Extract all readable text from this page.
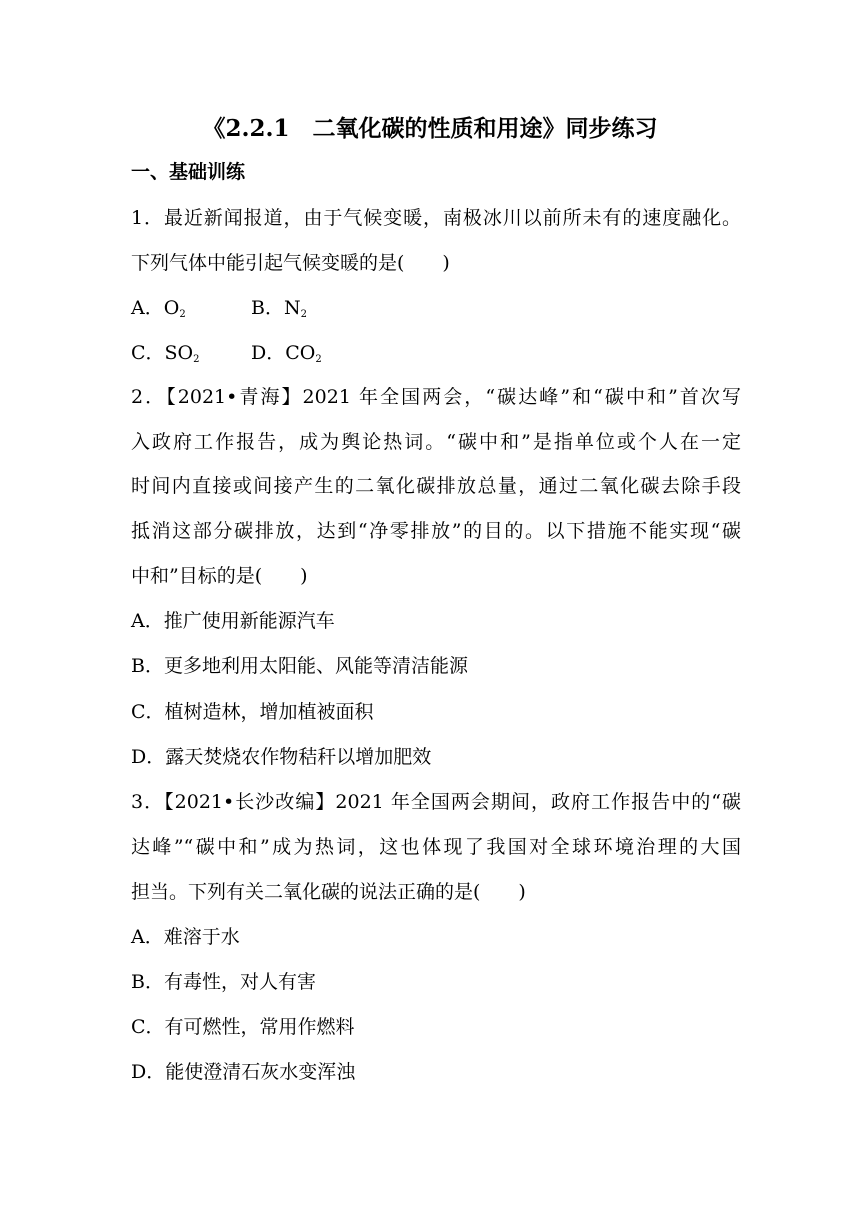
《2.2.1　二氧化碳的性质和用途》同步练习
一、基础训练
1．最近新闻报道，由于气候变暖，南极冰川以前所未有的速度融化。
下列气体中能引起气候变暖的是(　　)
A．$O_2$	B．$N_2$
C．$SO_2$	D．$CO_2$
2．【2021•青海】2021 年全国两会，“碳达峰”和“碳中和”首次写
入政府工作报告，成为舆论热词。“碳中和”是指单位或个人在一定
时间内直接或间接产生的二氧化碳排放总量，通过二氧化碳去除手段
抵消这部分碳排放，达到“净零排放”的目的。以下措施不能实现“碳
中和”目标的是(　　)
A．推广使用新能源汽车
B．更多地利用太阳能、风能等清洁能源
C．植树造林，增加植被面积
D．露天焚烧农作物秸秆以增加肥效
3．【2021•长沙改编】2021 年全国两会期间，政府工作报告中的“碳
达峰”“碳中和”成为热词，这也体现了我国对全球环境治理的大国
担当。下列有关二氧化碳的说法正确的是(　　)
A．难溶于水
B．有毒性，对人有害
C．有可燃性，常用作燃料
D．能使澄清石灰水变浑浊
